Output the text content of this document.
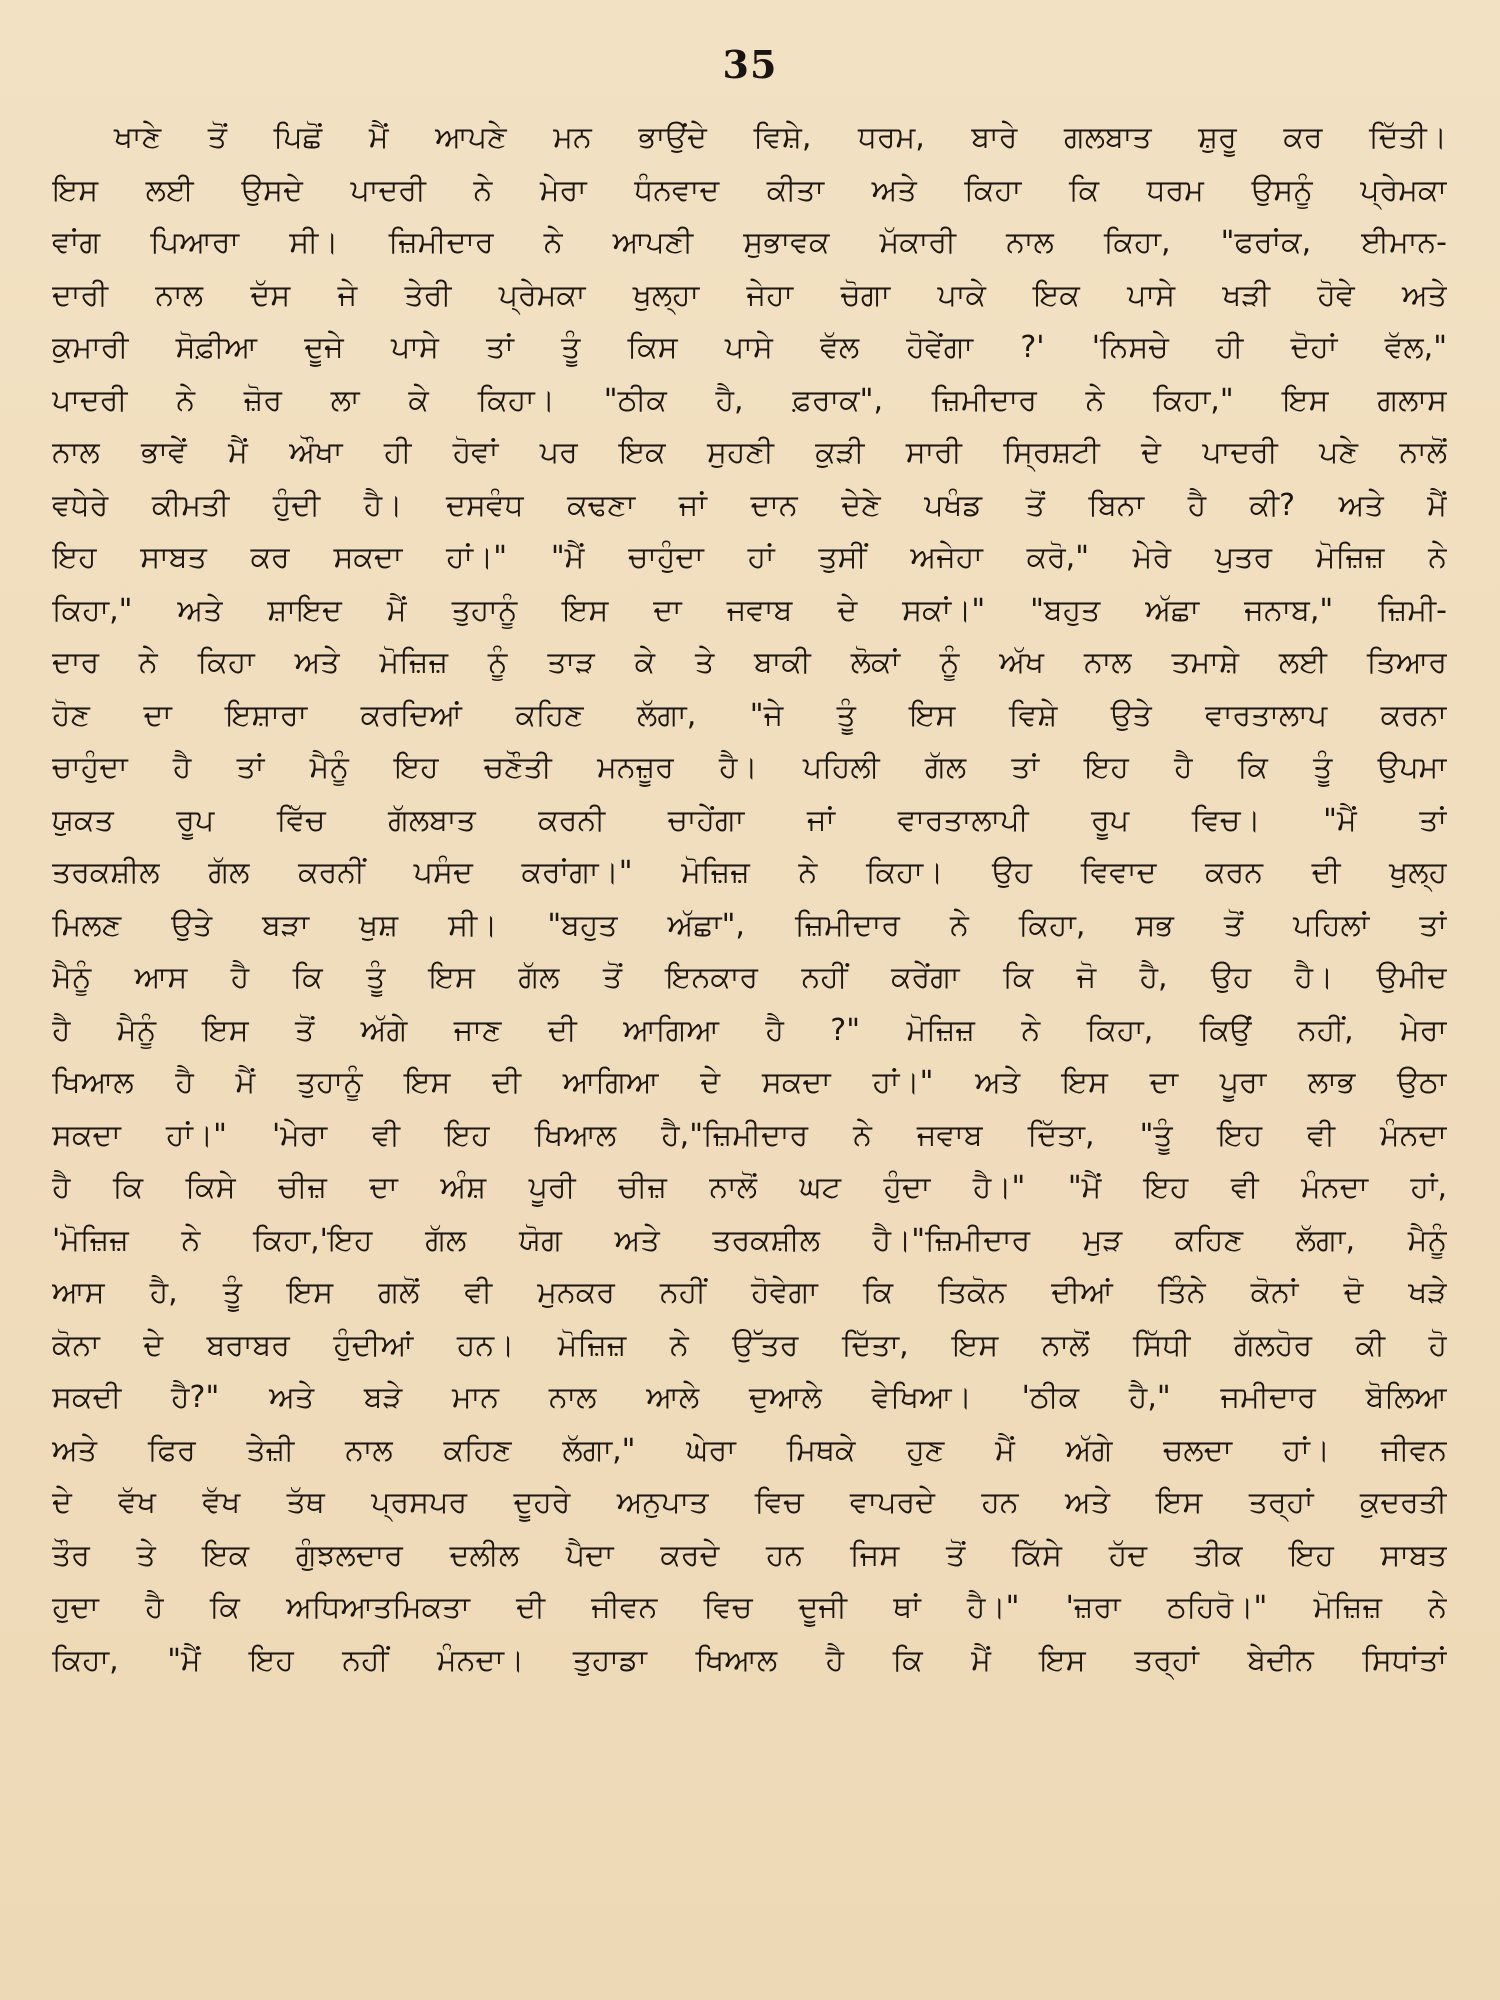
35
ਖਾਣੇ ਤੋਂ ਪਿਛੋਂ ਮੈਂ ਆਪਣੇ ਮਨ ਭਾਉਂਦੇ ਵਿਸ਼ੇ, ਧਰਮ, ਬਾਰੇ ਗਲਬਾਤ ਸ਼ੁਰੂ ਕਰ ਦਿੱਤੀ।
ਇਸ ਲਈ ਉਸਦੇ ਪਾਦਰੀ ਨੇ ਮੇਰਾ ਧੰਨਵਾਦ ਕੀਤਾ ਅਤੇ ਕਿਹਾ ਕਿ ਧਰਮ ਉਸਨੂੰ ਪ੍ਰੇਮਕਾ
ਵਾਂਗ ਪਿਆਰਾ ਸੀ। ਜ਼ਿਮੀਦਾਰ ਨੇ ਆਪਣੀ ਸੁਭਾਵਕ ਮੱਕਾਰੀ ਨਾਲ ਕਿਹਾ, "ਫਰਾਂਕ, ਈਮਾਨ-
ਦਾਰੀ ਨਾਲ ਦੱਸ ਜੇ ਤੇਰੀ ਪ੍ਰੇਮਕਾ ਖੁਲ੍ਹਾ ਜੇਹਾ ਚੋਗਾ ਪਾਕੇ ਇਕ ਪਾਸੇ ਖੜੀ ਹੋਵੇ ਅਤੇ
ਕੁਮਾਰੀ ਸੋਫ਼ੀਆ ਦੂਜੇ ਪਾਸੇ ਤਾਂ ਤੂੰ ਕਿਸ ਪਾਸੇ ਵੱਲ ਹੋਵੇਂਗਾ ?' 'ਨਿਸਚੇ ਹੀ ਦੋਹਾਂ ਵੱਲ,"
ਪਾਦਰੀ ਨੇ ਜ਼ੋਰ ਲਾ ਕੇ ਕਿਹਾ। "ਠੀਕ ਹੈ, ਫ਼ਰਾਕ", ਜ਼ਿਮੀਦਾਰ ਨੇ ਕਿਹਾ," ਇਸ ਗਲਾਸ
ਨਾਲ ਭਾਵੇਂ ਮੈਂ ਔਖਾ ਹੀ ਹੋਵਾਂ ਪਰ ਇਕ ਸੁਹਣੀ ਕੁੜੀ ਸਾਰੀ ਸ੍ਰਿਸ਼ਟੀ ਦੇ ਪਾਦਰੀ ਪਣੇ ਨਾਲੋਂ
ਵਧੇਰੇ ਕੀਮਤੀ ਹੁੰਦੀ ਹੈ। ਦਸਵੰਧ ਕਢਣਾ ਜਾਂ ਦਾਨ ਦੇਣੇ ਪਖੰਡ ਤੋਂ ਬਿਨਾ ਹੈ ਕੀ? ਅਤੇ ਮੈਂ
ਇਹ ਸਾਬਤ ਕਰ ਸਕਦਾ ਹਾਂ।" "ਮੈਂ ਚਾਹੁੰਦਾ ਹਾਂ ਤੁਸੀਂ ਅਜੇਹਾ ਕਰੋ," ਮੇਰੇ ਪੁਤਰ ਮੋਜ਼ਿਜ਼ ਨੇ
ਕਿਹਾ," ਅਤੇ ਸ਼ਾਇਦ ਮੈਂ ਤੁਹਾਨੂੰ ਇਸ ਦਾ ਜਵਾਬ ਦੇ ਸਕਾਂ।" "ਬਹੁਤ ਅੱਛਾ ਜਨਾਬ," ਜ਼ਿਮੀ-
ਦਾਰ ਨੇ ਕਿਹਾ ਅਤੇ ਮੋਜ਼ਿਜ਼ ਨੂੰ ਤਾੜ ਕੇ ਤੇ ਬਾਕੀ ਲੋਕਾਂ ਨੂੰ ਅੱਖ ਨਾਲ ਤਮਾਸ਼ੇ ਲਈ ਤਿਆਰ
ਹੋਣ ਦਾ ਇਸ਼ਾਰਾ ਕਰਦਿਆਂ ਕਹਿਣ ਲੱਗਾ, "ਜੇ ਤੂੰ ਇਸ ਵਿਸ਼ੇ ਉਤੇ ਵਾਰਤਾਲਾਪ ਕਰਨਾ
ਚਾਹੁੰਦਾ ਹੈ ਤਾਂ ਮੈਨੂੰ ਇਹ ਚਣੌਤੀ ਮਨਜ਼ੂਰ ਹੈ। ਪਹਿਲੀ ਗੱਲ ਤਾਂ ਇਹ ਹੈ ਕਿ ਤੂੰ ਉਪਮਾ
ਯੁਕਤ ਰੂਪ ਵਿੱਚ ਗੱਲਬਾਤ ਕਰਨੀ ਚਾਹੇਂਗਾ ਜਾਂ ਵਾਰਤਾਲਾਪੀ ਰੂਪ ਵਿਚ। "ਮੈਂ ਤਾਂ
ਤਰਕਸ਼ੀਲ ਗੱਲ ਕਰਨੀਂ ਪਸੰਦ ਕਰਾਂਗਾ।" ਮੋਜ਼ਿਜ਼ ਨੇ ਕਿਹਾ। ਉਹ ਵਿਵਾਦ ਕਰਨ ਦੀ ਖੁਲ੍ਹ
ਮਿਲਣ ਉਤੇ ਬੜਾ ਖੁਸ਼ ਸੀ। "ਬਹੁਤ ਅੱਛਾ", ਜ਼ਿਮੀਦਾਰ ਨੇ ਕਿਹਾ, ਸਭ ਤੋਂ ਪਹਿਲਾਂ ਤਾਂ
ਮੈਨੂੰ ਆਸ ਹੈ ਕਿ ਤੂੰ ਇਸ ਗੱਲ ਤੋਂ ਇਨਕਾਰ ਨਹੀਂ ਕਰੇਂਗਾ ਕਿ ਜੋ ਹੈ, ਉਹ ਹੈ। ਉਮੀਦ
ਹੈ ਮੈਨੂੰ ਇਸ ਤੋਂ ਅੱਗੇ ਜਾਣ ਦੀ ਆਗਿਆ ਹੈ ?" ਮੋਜ਼ਿਜ਼ ਨੇ ਕਿਹਾ, ਕਿਉਂ ਨਹੀਂ, ਮੇਰਾ
ਖਿਆਲ ਹੈ ਮੈਂ ਤੁਹਾਨੂੰ ਇਸ ਦੀ ਆਗਿਆ ਦੇ ਸਕਦਾ ਹਾਂ।" ਅਤੇ ਇਸ ਦਾ ਪੂਰਾ ਲਾਭ ਉਠਾ
ਸਕਦਾ ਹਾਂ।" 'ਮੇਰਾ ਵੀ ਇਹ ਖਿਆਲ ਹੈ,"ਜ਼ਿਮੀਦਾਰ ਨੇ ਜਵਾਬ ਦਿੱਤਾ, "ਤੂੰ ਇਹ ਵੀ ਮੰਨਦਾ
ਹੈ ਕਿ ਕਿਸੇ ਚੀਜ਼ ਦਾ ਅੰਸ਼ ਪੂਰੀ ਚੀਜ਼ ਨਾਲੋਂ ਘਟ ਹੁੰਦਾ ਹੈ।" "ਮੈਂ ਇਹ ਵੀ ਮੰਨਦਾ ਹਾਂ,
'ਮੋਜ਼ਿਜ਼ ਨੇ ਕਿਹਾ,'ਇਹ ਗੱਲ ਯੋਗ ਅਤੇ ਤਰਕਸ਼ੀਲ ਹੈ।"ਜ਼ਿਮੀਦਾਰ ਮੁੜ ਕਹਿਣ ਲੱਗਾ, ਮੈਨੂੰ
ਆਸ ਹੈ, ਤੂੰ ਇਸ ਗਲੋਂ ਵੀ ਮੁਨਕਰ ਨਹੀਂ ਹੋਵੇਗਾ ਕਿ ਤਿਕੋਨ ਦੀਆਂ ਤਿੰਨੇ ਕੋਨਾਂ ਦੋ ਖੜੇ
ਕੋਨਾ ਦੇ ਬਰਾਬਰ ਹੁੰਦੀਆਂ ਹਨ। ਮੋਜ਼ਿਜ਼ ਨੇ ਉੱਤਰ ਦਿੱਤਾ, ਇਸ ਨਾਲੋਂ ਸਿੱਧੀ ਗੱਲਹੋਰ ਕੀ ਹੋ
ਸਕਦੀ ਹੈ?" ਅਤੇ ਬੜੇ ਮਾਨ ਨਾਲ ਆਲੇ ਦੁਆਲੇ ਵੇਖਿਆ। 'ਠੀਕ ਹੈ," ਜਮੀਦਾਰ ਬੋਲਿਆ
ਅਤੇ ਫਿਰ ਤੇਜ਼ੀ ਨਾਲ ਕਹਿਣ ਲੱਗਾ," ਘੇਰਾ ਮਿਥਕੇ ਹੁਣ ਮੈਂ ਅੱਗੇ ਚਲਦਾ ਹਾਂ। ਜੀਵਨ
ਦੇ ਵੱਖ ਵੱਖ ਤੱਥ ਪ੍ਰਸਪਰ ਦੂਹਰੇ ਅਨੁਪਾਤ ਵਿਚ ਵਾਪਰਦੇ ਹਨ ਅਤੇ ਇਸ ਤਰ੍ਹਾਂ ਕੁਦਰਤੀ
ਤੌਰ ਤੇ ਇਕ ਗੁੰਝਲਦਾਰ ਦਲੀਲ ਪੈਦਾ ਕਰਦੇ ਹਨ ਜਿਸ ਤੋਂ ਕਿੱਸੇ ਹੱਦ ਤੀਕ ਇਹ ਸਾਬਤ
ਹੁਦਾ ਹੈ ਕਿ ਅਧਿਆਤਮਿਕਤਾ ਦੀ ਜੀਵਨ ਵਿਚ ਦੂਜੀ ਥਾਂ ਹੈ।" 'ਜ਼ਰਾ ਠਹਿਰੋ।" ਮੋਜ਼ਿਜ਼ ਨੇ
ਕਿਹਾ, "ਮੈਂ ਇਹ ਨਹੀਂ ਮੰਨਦਾ। ਤੁਹਾਡਾ ਖਿਆਲ ਹੈ ਕਿ ਮੈਂ ਇਸ ਤਰ੍ਹਾਂ ਬੇਦੀਨ ਸਿਧਾਂਤਾਂ
